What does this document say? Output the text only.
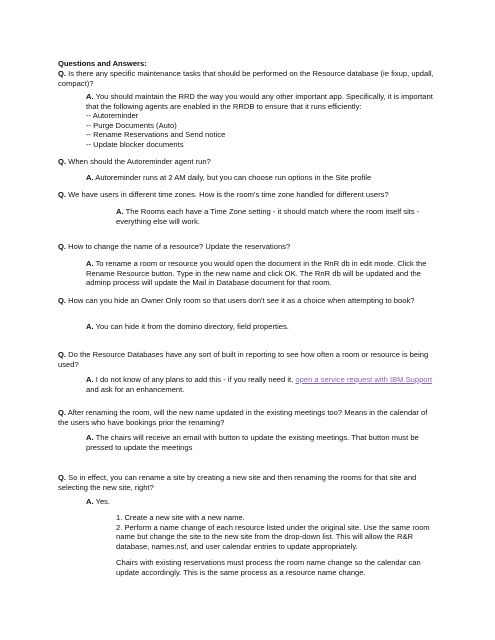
Questions and Answers:
Q. Is there any specific maintenance tasks that should be performed on the Resource database (ie fixup, updall, compact)?
A. You should maintain the RRD the way you would any other important app. Specifically, it is important that the following agents are enabled in the RRDB to ensure that it runs efficiently:
-- Autoreminder
-- Purge Documents (Auto)
-- Rename Reservations and Send notice
-- Update blocker documents
Q. When should the Autoreminder agent run?
A. Autoreminder runs at 2 AM daily, but you can choose run options in the Site profile
Q. We have users in different time zones. How is the room's time zone handled for different users?
A. The Rooms each have a Time Zone setting - it should match where the room itself sits - everything else will work.
Q. How to change the name of a resource? Update the reservations?
A. To rename a room or resource you would open the document in the RnR db in edit mode. Click the Rename Resource button. Type in the new name and click OK. The RnR db will be updated and the adminp process will update the Mail in Database document for that room.
Q. How can you hide an Owner Only room so that users don't see it as a choice when attempting to book?
A. You can hide it from the domino directory, field properties.
Q. Do the Resource Databases have any sort of built in reporting to see how often a room or resource is being used?
A. I do not know of any plans to add this - if you really need it, open a service request with IBM Support and ask for an enhancement.
Q. After renaming the room, will the new name updated in the existing meetings too? Means in the calendar of the users who have bookings prior the renaming?
A. The chairs will receive an email with button to update the existing meetings. That button must be pressed to update the meetings
Q. So in effect, you can rename a site by creating a new site and then renaming the rooms for that site and selecting the new site, right?
A. Yes.
1. Create a new site with a new name.
2. Perform a name change of each resource listed under the original site. Use the same room name but change the site to the new site from the drop-down list. This will allow the R&R database, names.nsf, and user calendar entries to update appropriately.
Chairs with existing reservations must process the room name change so the calendar can update accordingly. This is the same process as a resource name change.
